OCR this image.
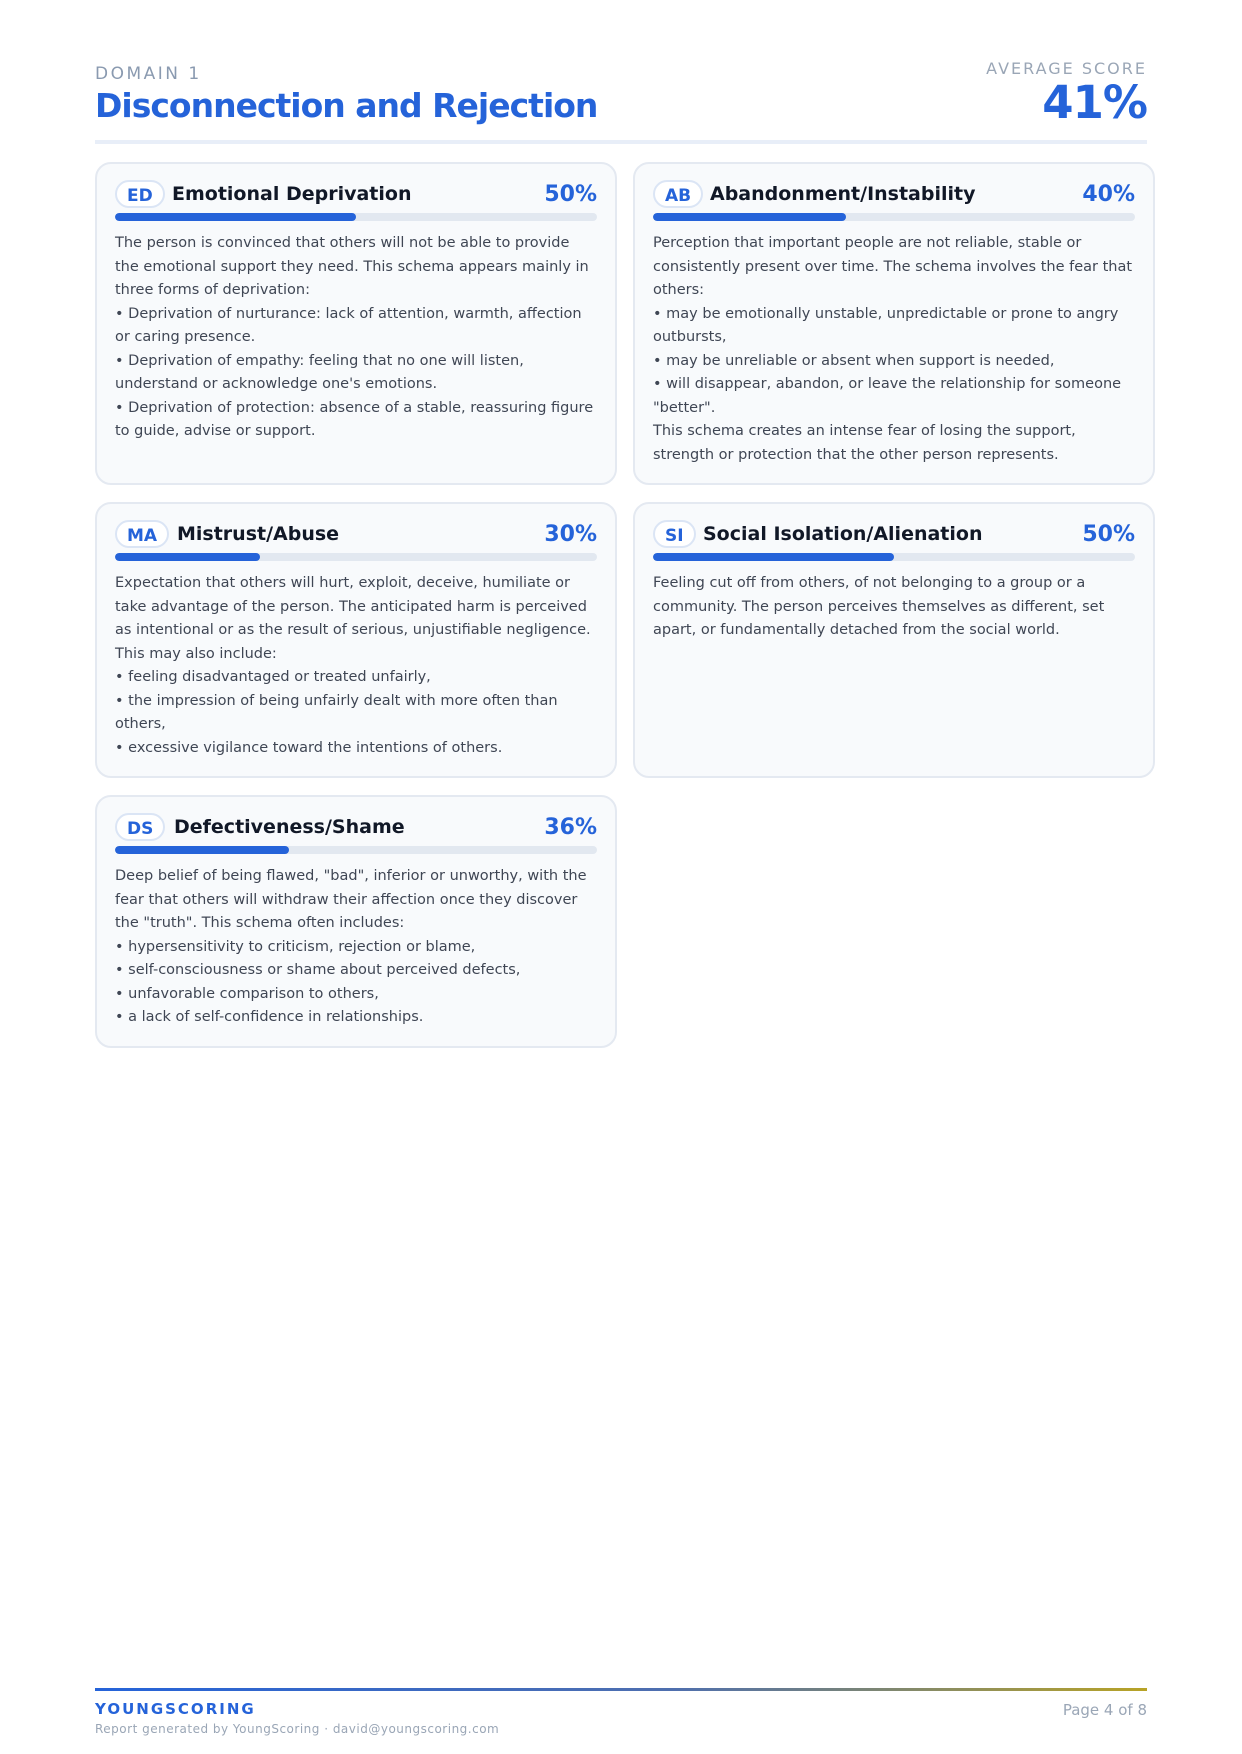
DOMAIN 1
Disconnection and Rejection
AVERAGE SCORE
41%
ED	Emotional Deprivation	50%
The person is convinced that others will not be able to provide the emotional support they need. This schema appears mainly in three forms of deprivation:
• Deprivation of nurturance: lack of attention, warmth, affection or caring presence.
• Deprivation of empathy: feeling that no one will listen, understand or acknowledge one's emotions.
• Deprivation of protection: absence of a stable, reassuring figure to guide, advise or support.
AB Abandonment/Instability	40%
Perception that important people are not reliable, stable or consistently present over time. The schema involves the fear that others:
• may be emotionally unstable, unpredictable or prone to angry outbursts,
• may be unreliable or absent when support is needed,
• will disappear, abandon, or leave the relationship for someone "better".
This schema creates an intense fear of losing the support, strength or protection that the other person represents.
MA	Mistrust/Abuse	30%
Expectation that others will hurt, exploit, deceive, humiliate or take advantage of the person. The anticipated harm is perceived as intentional or as the result of serious, unjustifiable negligence. This may also include:
• feeling disadvantaged or treated unfairly,
• the impression of being unfairly dealt with more often than others,
• excessive vigilance toward the intentions of others.
SI	Social Isolation/Alienation	50%
Feeling cut off from others, of not belonging to a group or a community. The person perceives themselves as different, set apart, or fundamentally detached from the social world.
DS	Defectiveness/Shame	36%
Deep belief of being flawed, "bad", inferior or unworthy, with the fear that others will withdraw their affection once they discover the "truth". This schema often includes:
• hypersensitivity to criticism, rejection or blame,
• self-consciousness or shame about perceived defects,
• unfavorable comparison to others,
• a lack of self-confidence in relationships.
YOUNGSCORING
Report generated by YoungScoring · david@youngscoring.com
Page 4 of 8
